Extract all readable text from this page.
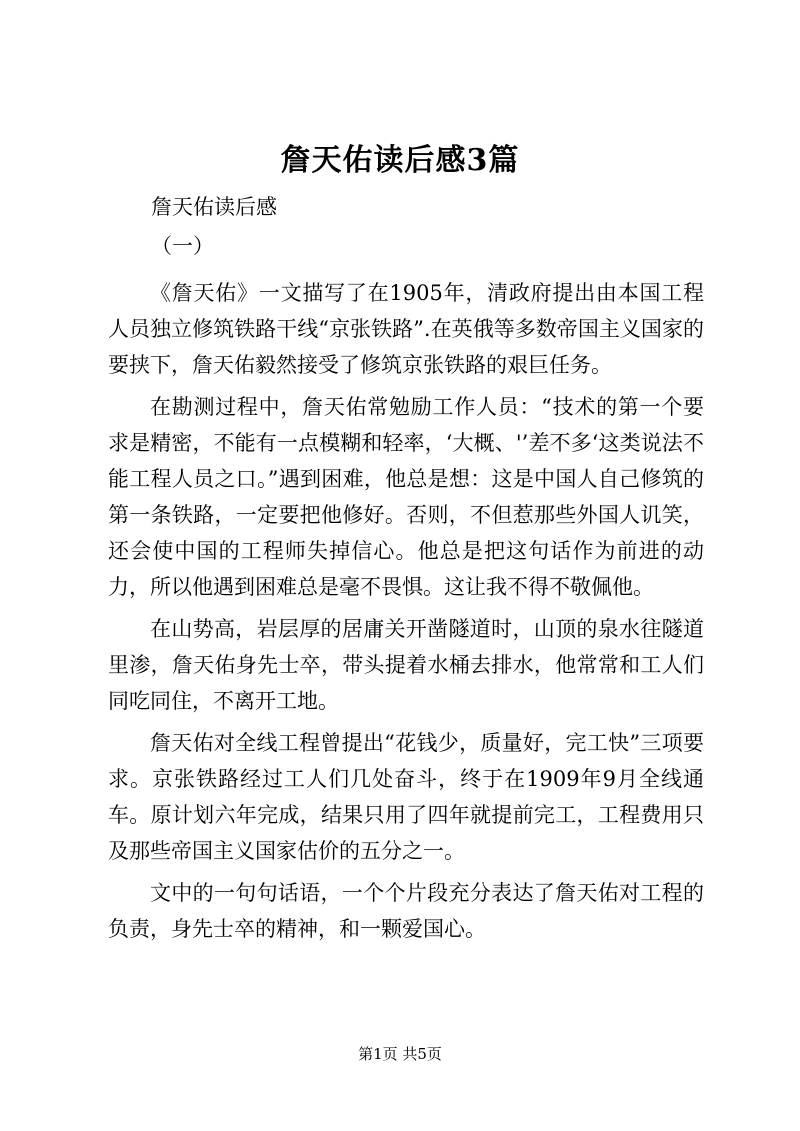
詹天佑读后感3篇

詹天佑读后感

（一）

《詹天佑》一文描写了在1905年，清政府提出由本国工程人员独立修筑铁路干线“京张铁路”.在英俄等多数帝国主义国家的要挟下，詹天佑毅然接受了修筑京张铁路的艰巨任务。

在勘测过程中，詹天佑常勉励工作人员：“技术的第一个要求是精密，不能有一点模糊和轻率，‘大概、'’差不多‘这类说法不能工程人员之口。”遇到困难，他总是想：这是中国人自己修筑的第一条铁路，一定要把他修好。否则，不但惹那些外国人讥笑，还会使中国的工程师失掉信心。他总是把这句话作为前进的动力，所以他遇到困难总是毫不畏惧。这让我不得不敬佩他。

在山势高，岩层厚的居庸关开凿隧道时，山顶的泉水往隧道里渗，詹天佑身先士卒，带头提着水桶去排水，他常常和工人们同吃同住，不离开工地。

詹天佑对全线工程曾提出“花钱少，质量好，完工快”三项要求。京张铁路经过工人们几处奋斗，终于在1909年9月全线通车。原计划六年完成，结果只用了四年就提前完工，工程费用只及那些帝国主义国家估价的五分之一。

文中的一句句话语，一个个片段充分表达了詹天佑对工程的负责，身先士卒的精神，和一颗爱国心。

第1页 共5页
